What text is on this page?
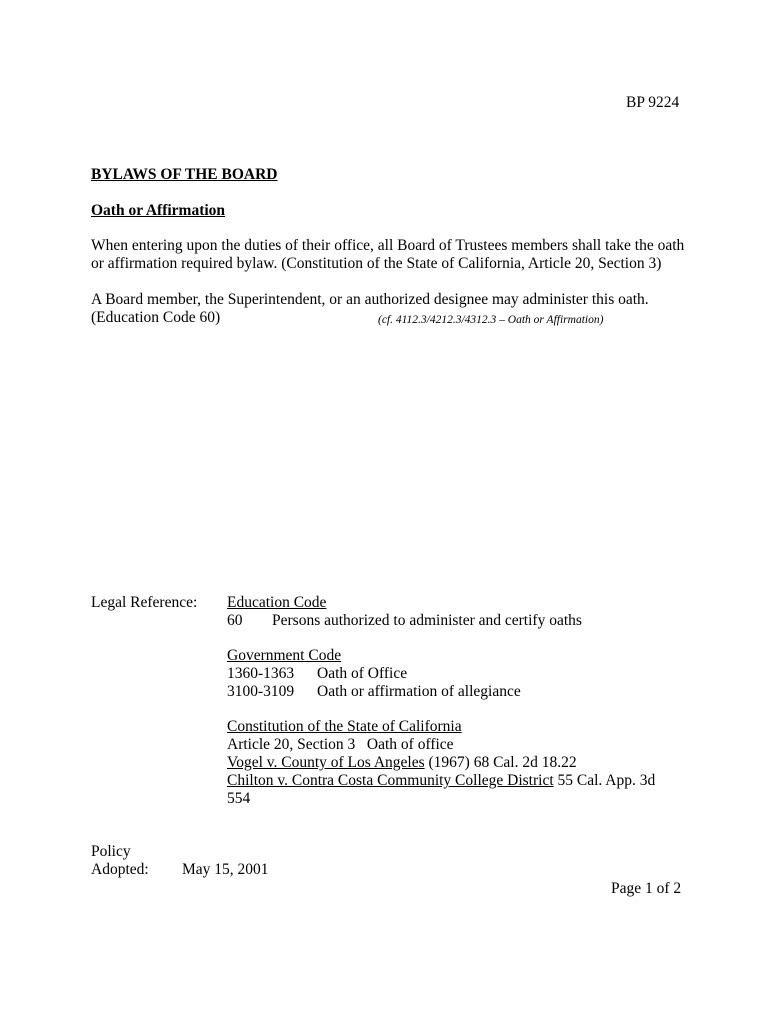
BP 9224
BYLAWS OF THE BOARD
Oath or Affirmation
When entering upon the duties of their office, all Board of Trustees members shall take the oath
or affirmation required bylaw. (Constitution of the State of California, Article 20, Section 3)
A Board member, the Superintendent, or an authorized designee may administer this oath.
(Education Code 60)	(cf. 4112.3/4212.3/4312.3 – Oath or Affirmation)
Legal Reference: Education Code
60 Persons authorized to administer and certify oaths
Government Code
1360-1363 Oath of Office
3100-3109 Oath or affirmation of allegiance
Constitution of the State of California
Article 20, Section 3   Oath of office
Vogel v. County of Los Angeles (1967) 68 Cal. 2d 18.22
Chilton v. Contra Costa Community College District 55 Cal. App. 3d
554
Policy
Adopted: May 15, 2001
Page 1 of 2
